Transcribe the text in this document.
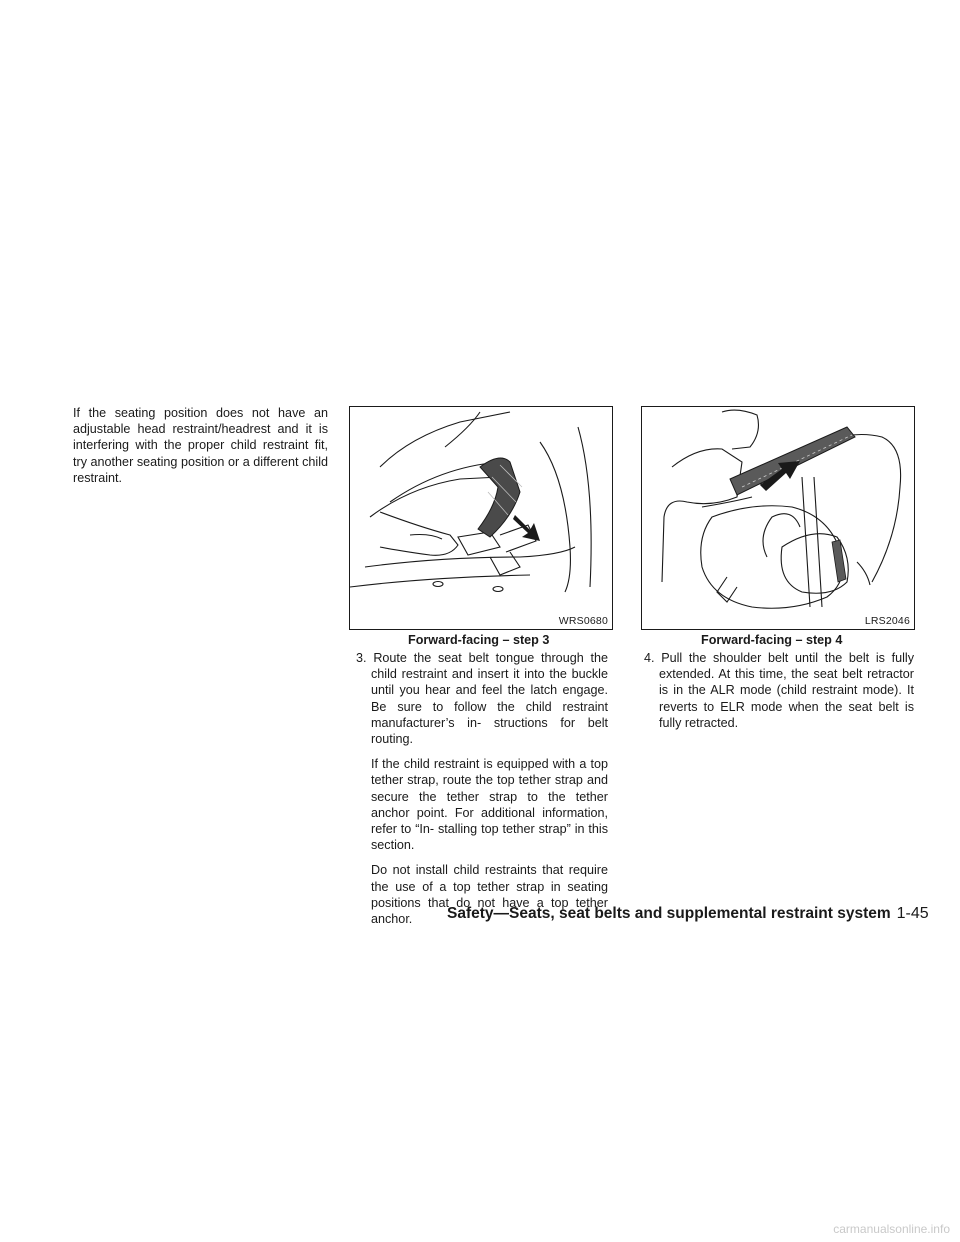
If the seating position does not have an adjustable head restraint/headrest and it is interfering with the proper child restraint fit, try another seating position or a different child restraint.

WRS0680	LRS2046
Forward-facing – step 3	Forward-facing – step 4

3. Route the seat belt tongue through the child restraint and insert it into the buckle until you hear and feel the latch engage. Be sure to follow the child restraint manufacturer’s in- structions for belt routing.

If the child restraint is equipped with a top tether strap, route the top tether strap and secure the tether strap to the tether anchor point. For additional information, refer to “In- stalling top tether strap” in this section.

Do not install child restraints that require the use of a top tether strap in seating positions that do not have a top tether anchor.

4. Pull the shoulder belt until the belt is fully extended. At this time, the seat belt retractor is in the ALR mode (child restraint mode). It reverts to ELR mode when the seat belt is fully retracted.

Safety—Seats, seat belts and supplemental restraint system 1-45
carmanualsonline.info
